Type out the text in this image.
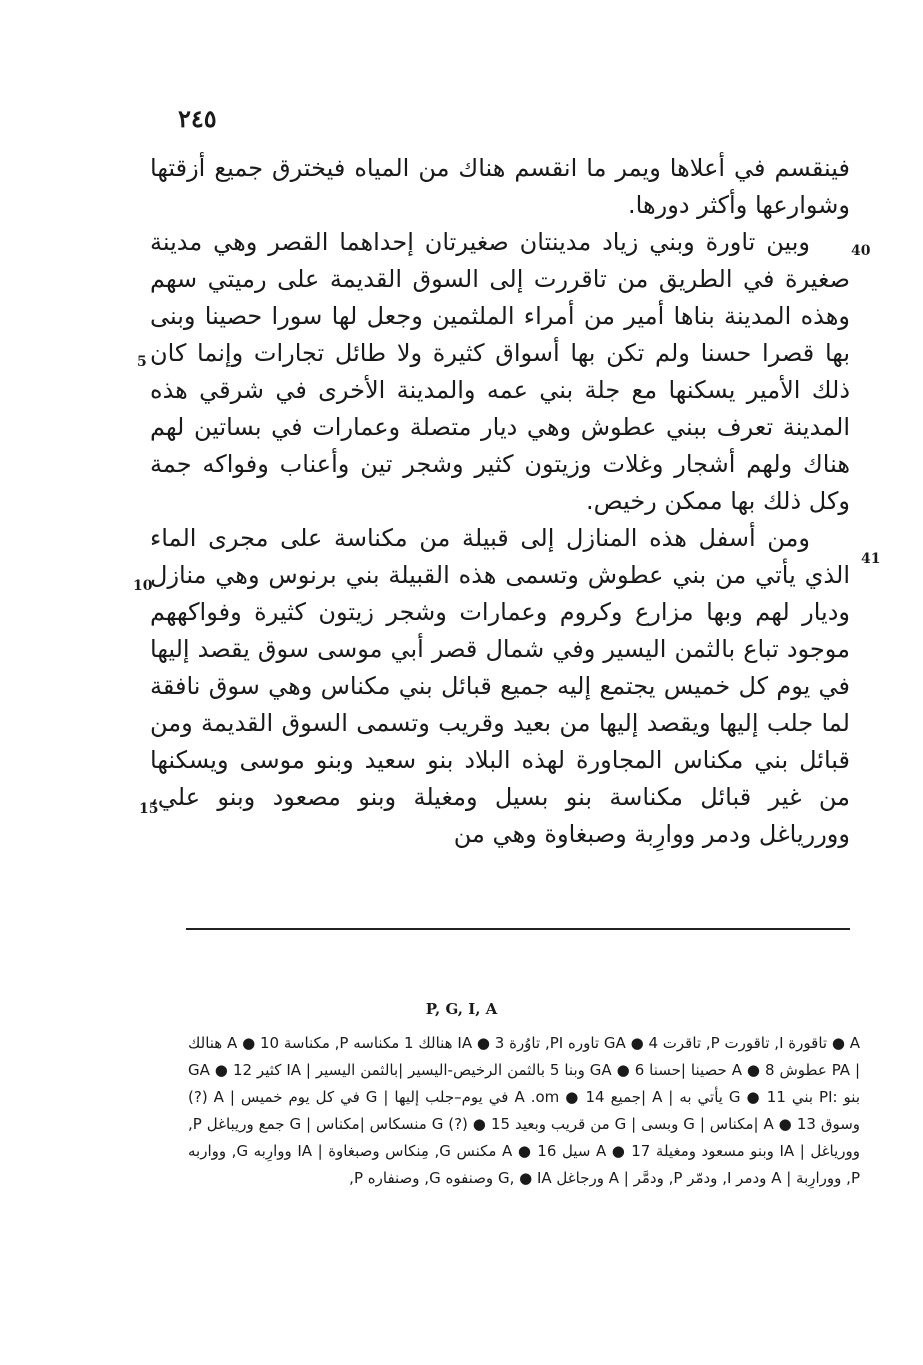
٢٤٥
40
5
41
10
15

فينقسم في أعلاها ويمر ما انقسم هناك من المياه فيخترق جميع أزقتها وشوارعها وأكثر دورها.

وبين تاورة وبني زياد مدينتان صغيرتان إحداهما القصر وهي مدينة صغيرة في الطريق من تاقررت إلى السوق القديمة على رميتي سهم وهذه المدينة بناها أمير من أمراء الملثمين وجعل لها سورا حصينا وبنى بها قصرا حسنا ولم تكن بها أسواق كثيرة ولا طائل تجارات وإنما كان ذلك الأمير يسكنها مع جلة بني عمه والمدينة الأخرى في شرقي هذه المدينة تعرف ببني عطوش وهي ديار متصلة وعمارات في بساتين لهم هناك ولهم أشجار وغلات وزيتون كثير وشجر تين وأعناب وفواكه جمة وكل ذلك بها ممكن رخيص.

ومن أسفل هذه المنازل إلى قبيلة من مكناسة على مجرى الماء الذي يأتي من بني عطوش وتسمى هذه القبيلة بني برنوس وهي منازل وديار لهم وبها مزارع وكروم وعمارات وشجر زيتون كثيرة وفواكههم موجود تباع بالثمن اليسير وفي شمال قصر أبي موسى سوق يقصد إليها في يوم كل خميس يجتمع إليه جميع قبائل بني مكناس وهي سوق نافقة لما جلب إليها ويقصد إليها من بعيد وقريب وتسمى السوق القديمة ومن قبائل بني مكناس المجاورة لهذه البلاد بنو سعيد وبنو موسى ويسكنها من غير قبائل مكناسة بنو بسيل ومغيلة وبنو مصعود وبنو علي، ووررياغل ودمر ووارِبة وصبغاوة وهي من

P, G, I, A
A ● تاقورة I, تاقورت P, تاقرت 4 ● GA تاوره PI, تاوُرة 3 ● IA هنالك 1 مكناسه P, مكناسة 10 ● A هنالك | PA عطوش 8 ● A حصينا |حسنا 6 ● GA وبنا 5 بالثمن الرخيص-اليسير |بالثمن اليسير | IA كثير 12 ● GA بنو :PI بني 11 ● G يأتي به | A |جميع 14 ● A .om في يوم–جلب إليها | G في كل يوم خميس | A (?) وسوق 13 ● A |مكناس | G وبسى | G من قريب وبعيد 15 ● (?) G منسكاس |مكناس | G جمع وريباغل P, وورياغل | IA وبنو مسعود ومغيلة 17 ● A سيل 16 ● A مكنس G, مِنكاس وصبغاوة | IA ووارِبه G, وواربه P, وورارِبة | A ودمر I, ودمّر P, ودمَّر | A ورجاغل G, ● IA وصنفوه G, وصنفاره P,
